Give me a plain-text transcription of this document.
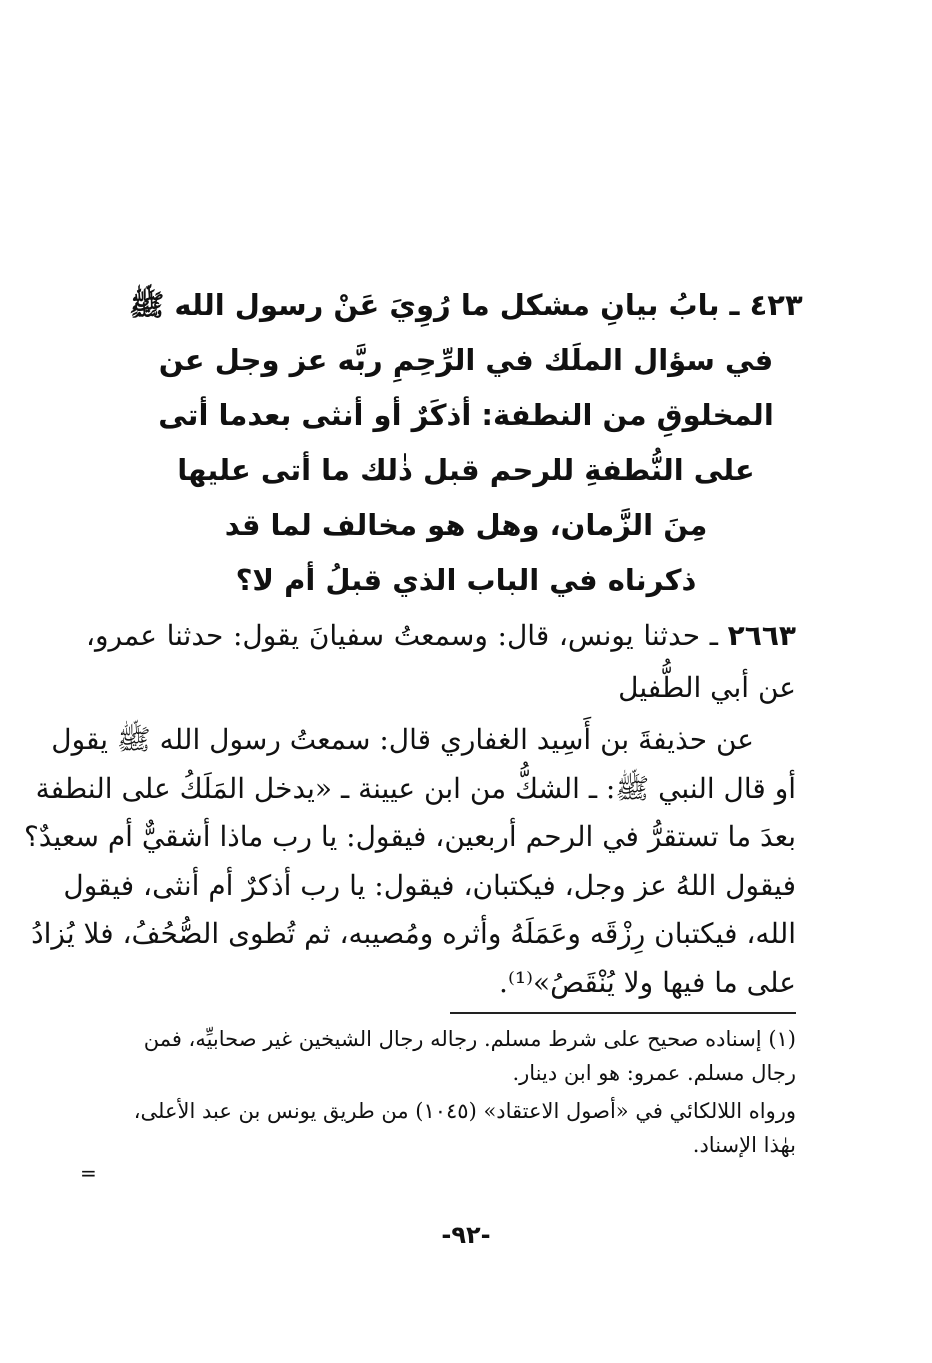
٤٢٣ ـ بابُ بيانِ مشكل ما رُوِيَ عَنْ رسول الله ﷺ
في سؤال الملَك في الرِّحِمِ ربَّه عز وجل عن
المخلوقِ من النطفة: أذكَرٌ أو أنثى بعدما أتى
على النُّطفةِ للرحم قبل ذٰلك ما أتى عليها
مِنَ الزَّمان، وهل هو مخالف لما قد
ذكرناه في الباب الذي قبلُ أم لا؟
٢٦٦٣ ـ حدثنا يونس، قال: وسمعتُ سفيانَ يقول: حدثنا عمرو، عن أبي الطُّفيل
عن حذيفةَ بن أَسِيد الغفاري قال: سمعتُ رسول الله ﷺ يقول
أو قال النبي ﷺ: ـ الشكُّ من ابن عيينة ـ «يدخل المَلَكُ على النطفة
بعدَ ما تستقرُّ في الرحم أربعين، فيقول: يا رب ماذا أشقيٌّ أم سعيدٌ؟
فيقول اللهُ عز وجل، فيكتبان، فيقول: يا رب أذكرٌ أم أنثى، فيقول
الله، فيكتبان رِزْقَه وعَمَلَهُ وأثره ومُصيبه، ثم تُطوى الصُّحُفُ، فلا يُزادُ
على ما فيها ولا يُنْقَصُ»⁽¹⁾.
(١) إسناده صحيح على شرط مسلم. رجاله رجال الشيخين غير صحابيِّه، فمن
رجال مسلم. عمرو: هو ابن دينار.
ورواه اللالكائي في «أصول الاعتقاد» (١٠٤٥) من طريق يونس بن عبد الأعلى،
بهٰذا الإسناد.
=
-٩٢-
